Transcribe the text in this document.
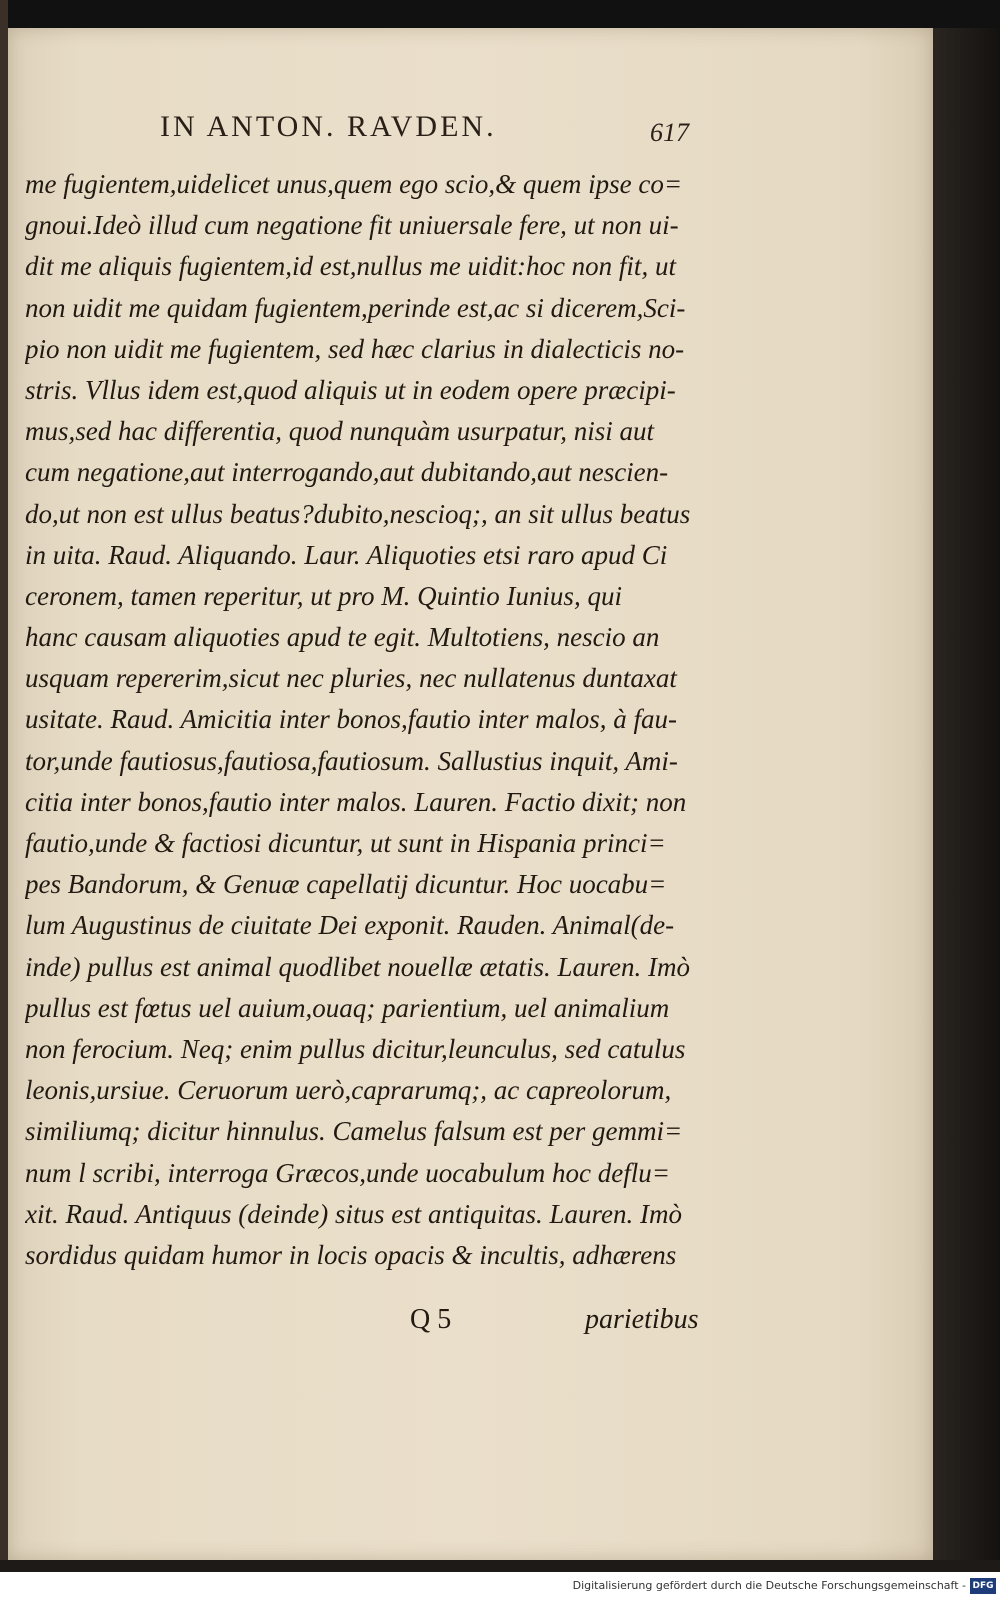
IN ANTON. RAVDEN.	617
me fugientem,uidelicet unus,quem ego scio,& quem ipse co=
gnoui.Ideò illud cum negatione fit uniuersale fere, ut non ui-
dit me aliquis fugientem,id est,nullus me uidit:hoc non fit, ut
non uidit me quidam fugientem,perinde est,ac si dicerem,Sci-
pio non uidit me fugientem, sed hæc clarius in dialecticis no-
stris. Vllus idem est,quod aliquis ut in eodem opere præcipi-
mus,sed hac differentia, quod nunquàm usurpatur, nisi aut
cum negatione,aut interrogando,aut dubitando,aut nescien-
do,ut non est ullus beatus?dubito,nescioq;, an sit ullus beatus
in uita. Raud. Aliquando. Laur. Aliquoties etsi raro apud Ci
ceronem, tamen reperitur, ut pro M. Quintio Iunius, qui
hanc causam aliquoties apud te egit. Multotiens, nescio an
usquam repererim,sicut nec pluries, nec nullatenus duntaxat
usitate. Raud. Amicitia inter bonos,fautio inter malos, à fau-
tor,unde fautiosus,fautiosa,fautiosum. Sallustius inquit, Ami-
citia inter bonos,fautio inter malos. Lauren. Factio dixit; non
fautio,unde & factiosi dicuntur, ut sunt in Hispania princi=
pes Bandorum, & Genuæ capellatij dicuntur. Hoc uocabu=
lum Augustinus de ciuitate Dei exponit. Rauden. Animal(de-
inde) pullus est animal quodlibet nouellæ ætatis. Lauren. Imò
pullus est fœtus uel auium,ouaq; parientium, uel animalium
non ferocium. Neq; enim pullus dicitur,leunculus, sed catulus
leonis,ursiue. Ceruorum uerò,caprarumq;, ac capreolorum,
similiumq; dicitur hinnulus. Camelus falsum est per gemmi=
num l scribi, interroga Græcos,unde uocabulum hoc deflu=
xit. Raud. Antiquus (deinde) situs est antiquitas. Lauren. Imò
sordidus quidam humor in locis opacis & incultis, adhærens
Q 5	parietibus
Digitalisierung gefördert durch die Deutsche Forschungsgemeinschaft - DFG
